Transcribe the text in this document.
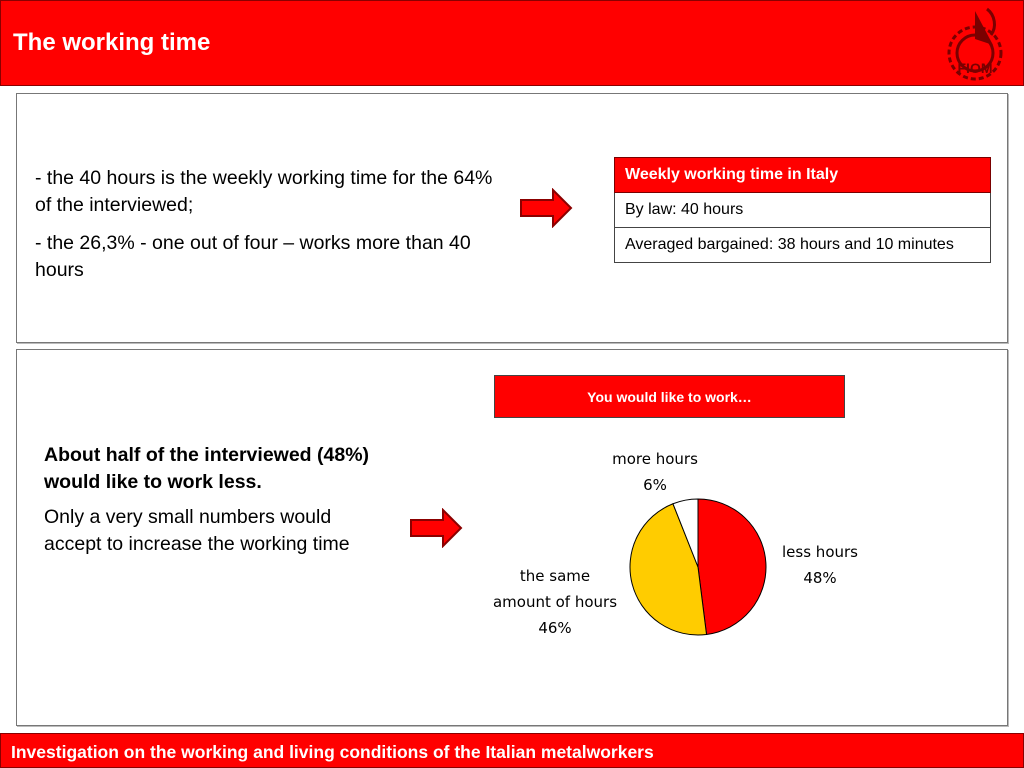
The working time
FIOM

- the 40 hours is the weekly working time for the 64% of the interviewed;

- the 26,3% - one out of four – works more than 40 hours

Weekly working time in Italy
By law: 40 hours
Averaged bargained: 38 hours and 10 minutes
You would like to work…

About half of the interviewed (48%) would like to work less.

Only a very small numbers would accept to increase the working time	less hours
48%
the same amount of hours
46%
more hours
6%
Investigation on the working and living conditions of the Italian metalworkers
